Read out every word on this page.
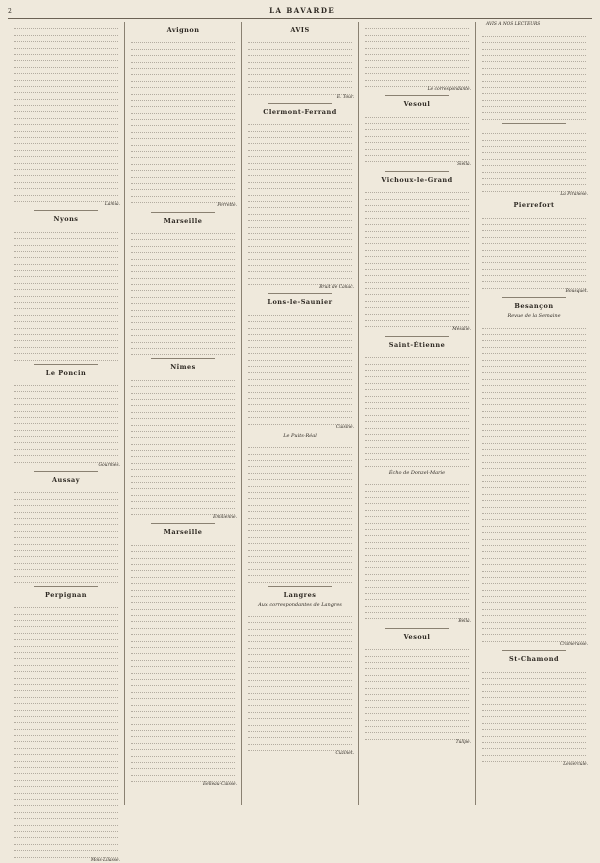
2	LA BAVARDE

Lamia.

Nyons
Le Poncin

Gourmes.

Aussay
Perpignan

Mois-Lilasse.

Avignon

Perrette.

Marseille
Nîmes

Emilienne.

Marseille

Eelleau-Caisse.

AVIS

E. Tour.

Clermont-Ferrand

Bruit de Canac.

Lons-le-Saunier

Cuisine.

Le Puits-Réal
Langres
Aux correspondantes de Langres

Cuzinet.

Le correspondante.

Vesoul

Siella.

Vichoux-le-Grand

Mésalie.

Saint-Étienne
Écho de Donzel-Marie

Bella.

Vesoul

Tulipe.

AVIS A NOS LECTEURS

La Piranese.

Pierrefort

Bousquet.

Besançon
Revue de la Semaine

Cramerasse.

St-Chamond

Leviercule.
